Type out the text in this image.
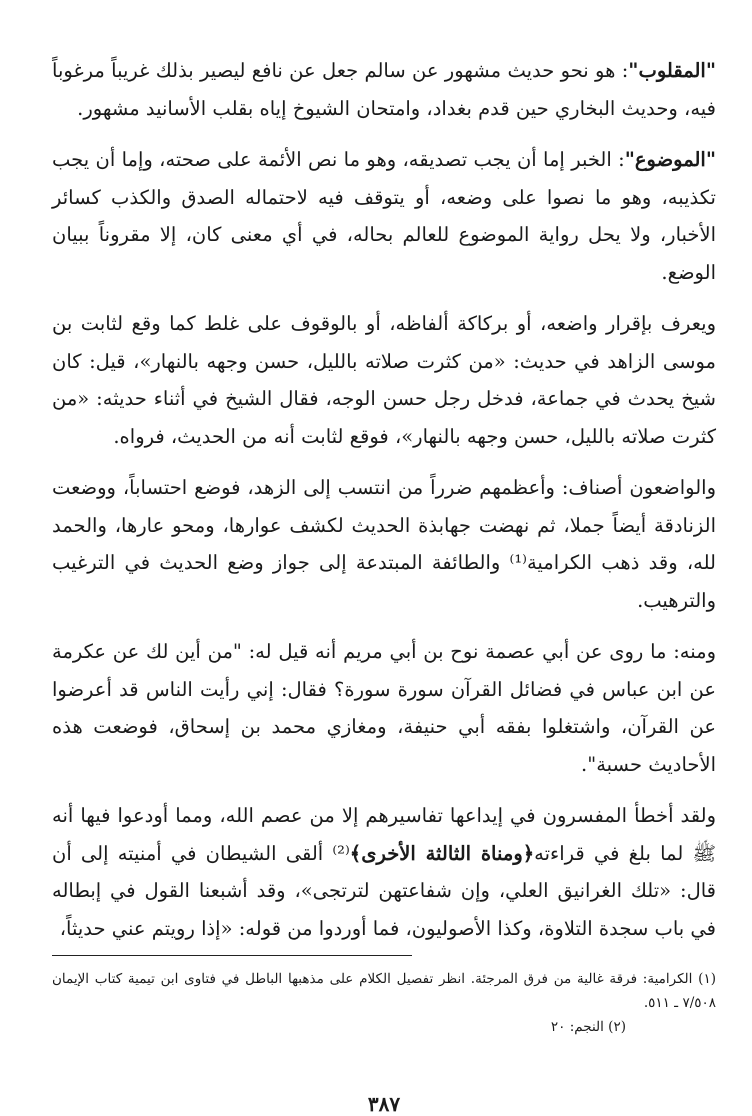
"المقلوب": هو نحو حديث مشهور عن سالم جعل عن نافع ليصير بذلك غريباً مرغوباً فيه، وحديث البخاري حين قدم بغداد، وامتحان الشيوخ إياه بقلب الأسانيد مشهور.

"الموضوع": الخبر إما أن يجب تصديقه، وهو ما نص الأئمة على صحته، وإما أن يجب تكذيبه، وهو ما نصوا على وضعه، أو يتوقف فيه لاحتماله الصدق والكذب كسائر الأخبار، ولا يحل رواية الموضوع للعالم بحاله، في أي معنى كان، إلا مقروناً ببيان الوضع.

ويعرف بإقرار واضعه، أو بركاكة ألفاظه، أو بالوقوف على غلط كما وقع لثابت بن موسى الزاهد في حديث: «من كثرت صلاته بالليل، حسن وجهه بالنهار»، قيل: كان شيخ يحدث في جماعة، فدخل رجل حسن الوجه، فقال الشيخ في أثناء حديثه: «من كثرت صلاته بالليل، حسن وجهه بالنهار»، فوقع لثابت أنه من الحديث، فرواه.

والواضعون أصناف: وأعظمهم ضرراً من انتسب إلى الزهد، فوضع احتساباً، ووضعت الزنادقة أيضاً جملا، ثم نهضت جهابذة الحديث لكشف عوارها، ومحو عارها، والحمد لله، وقد ذهب الكرامية⁽¹⁾ والطائفة المبتدعة إلى جواز وضع الحديث في الترغيب والترهيب.

ومنه: ما روى عن أبي عصمة نوح بن أبي مريم أنه قيل له: "من أين لك عن عكرمة عن ابن عباس في فضائل القرآن سورة سورة؟ فقال: إني رأيت الناس قد أعرضوا عن القرآن، واشتغلوا بفقه أبي حنيفة، ومغازي محمد بن إسحاق، فوضعت هذه الأحاديث حسبة".

ولقد أخطأ المفسرون في إيداعها تفاسيرهم إلا من عصم الله، ومما أودعوا فيها أنه ﷺ لما بلغ في قراءته﴿ومناة الثالثة الأخرى﴾⁽²⁾ ألقى الشيطان في أمنيته إلى أن قال: «تلك الغرانيق العلي، وإن شفاعتهن لترتجى»، وقد أشبعنا القول في إبطاله في باب سجدة التلاوة، وكذا الأصوليون، فما أوردوا من قوله: «إذا رويتم عني حديثاً،

(١) الكرامية: فرقة غالية من فرق المرجئة. انظر تفصيل الكلام على مذهبها الباطل في فتاوى ابن تيمية كتاب الإيمان ٧/٥٠٨ ـ ٥١١.
(٢) النجم: ٢٠
٣٨٧
